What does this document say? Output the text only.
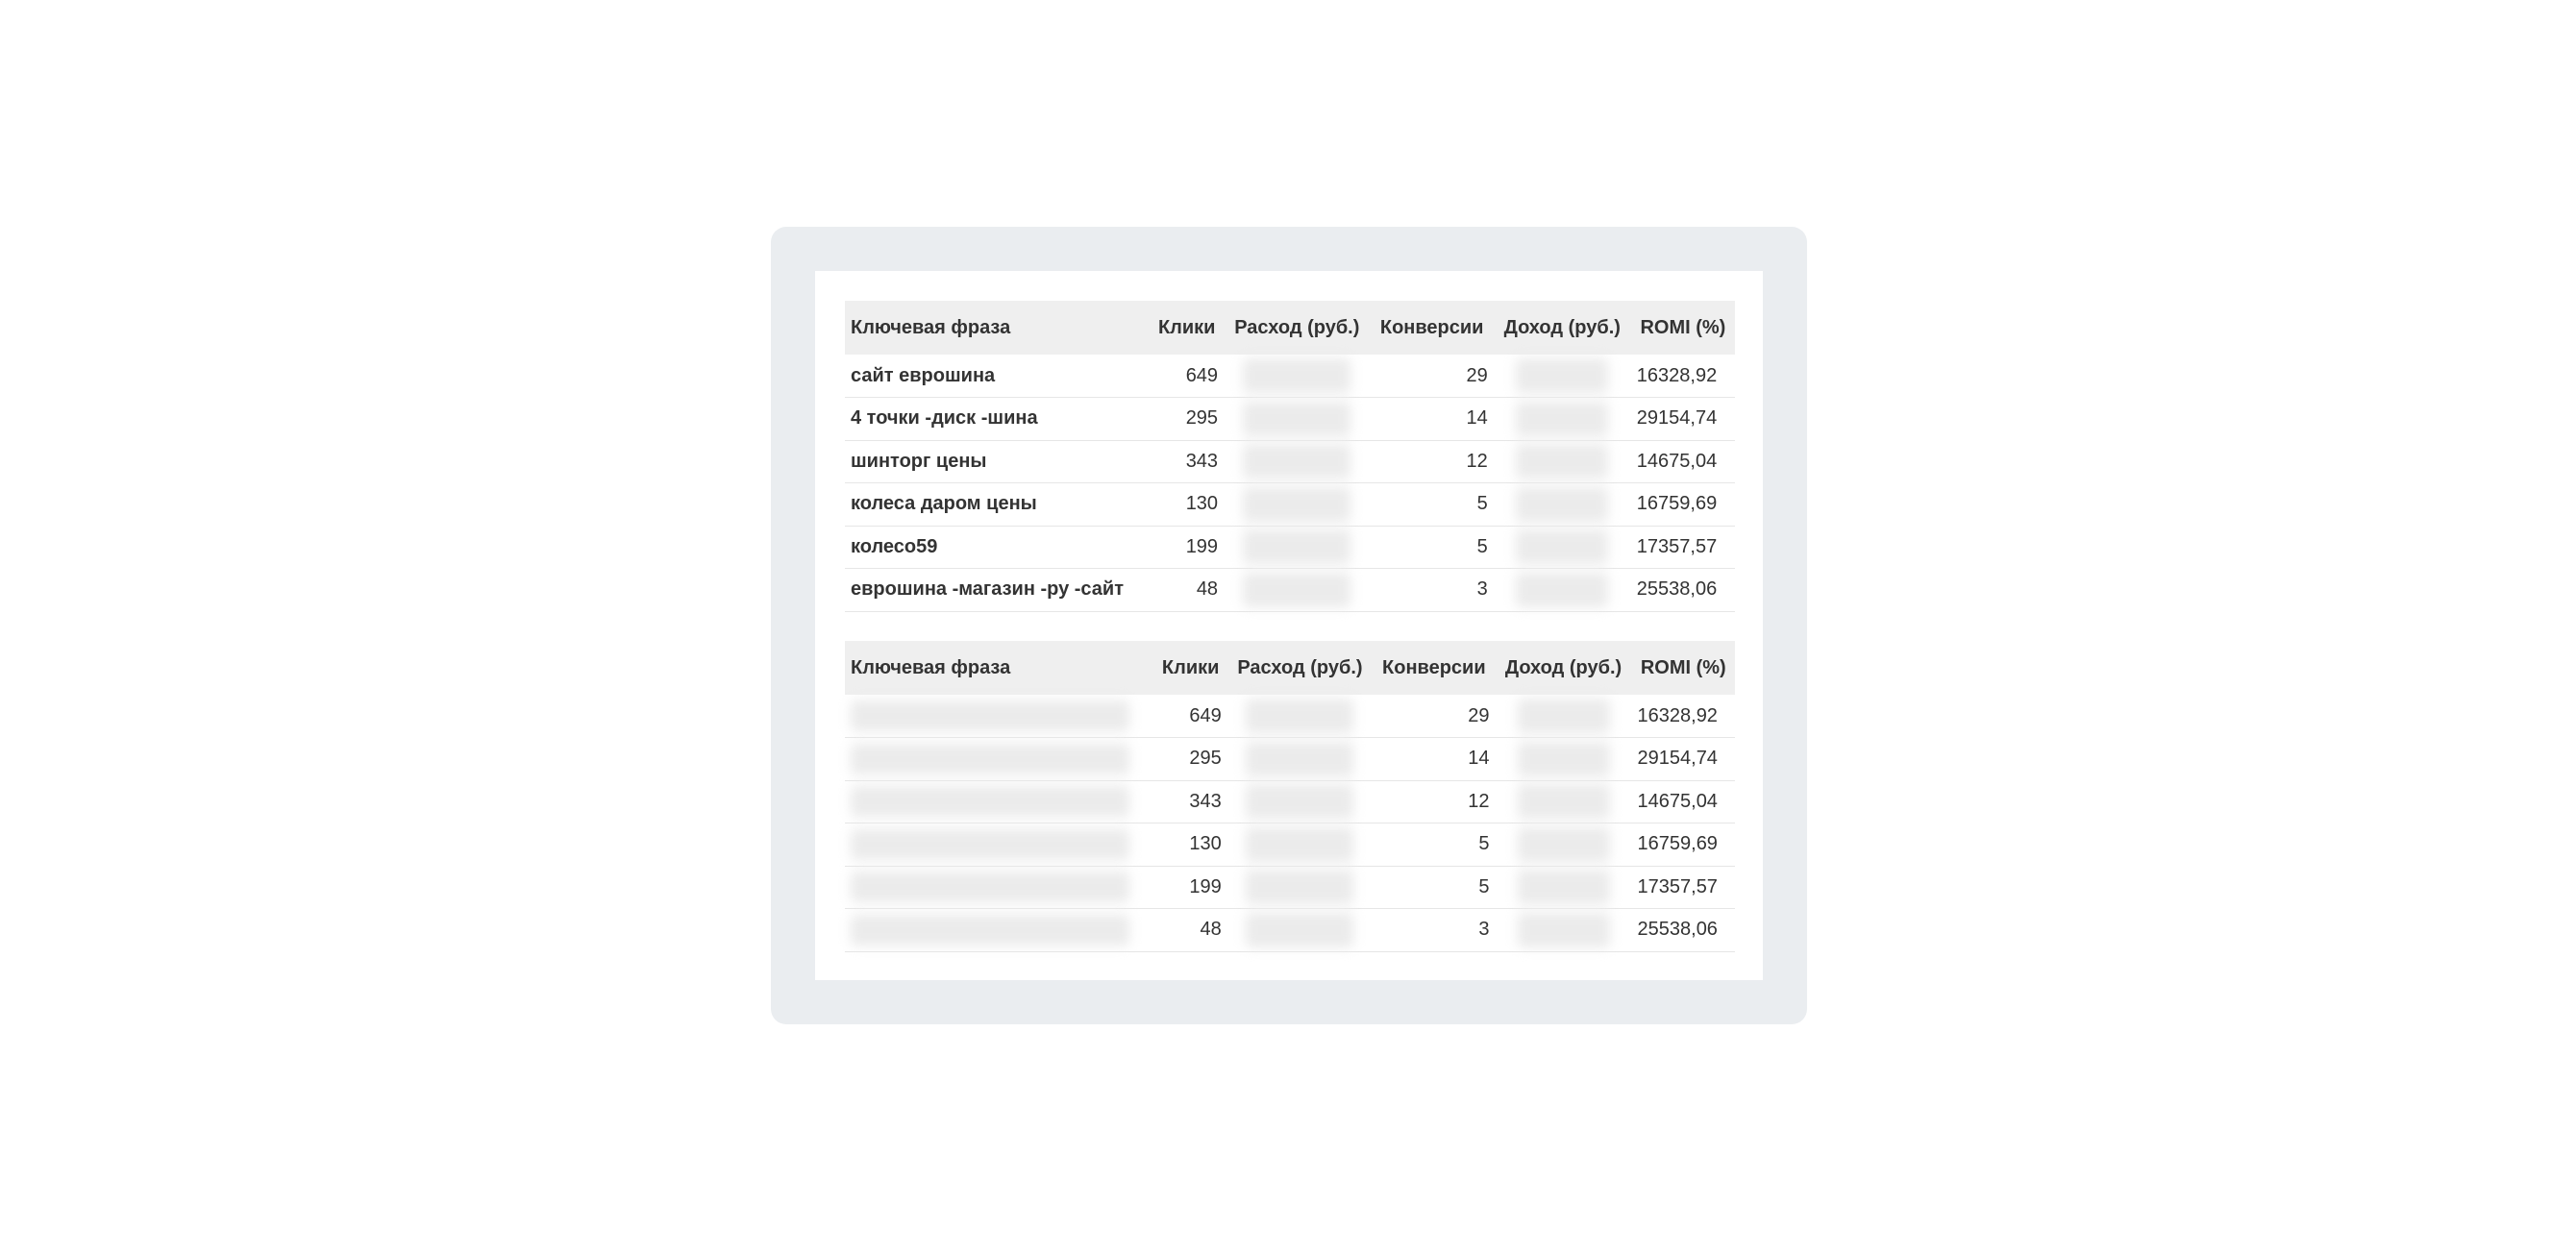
Ключевая фраза	Клики	Расход (руб.)	Конверсии	Доход (руб.)	ROMI (%)
сайт еврошина	649		29		16328,92
4 точки -диск -шина	295		14		29154,74
шинторг цены	343		12		14675,04
колеса даром цены	130		5		16759,69
колесо59	199		5		17357,57
еврошина -магазин -ру -сайт	48		3		25538,06
Ключевая фраза	Клики	Расход (руб.)	Конверсии	Доход (руб.)	ROMI (%)

	649		29		16328,92

	295		14		29154,74

	343		12		14675,04

	130		5		16759,69

	199		5		17357,57

	48		3		25538,06
